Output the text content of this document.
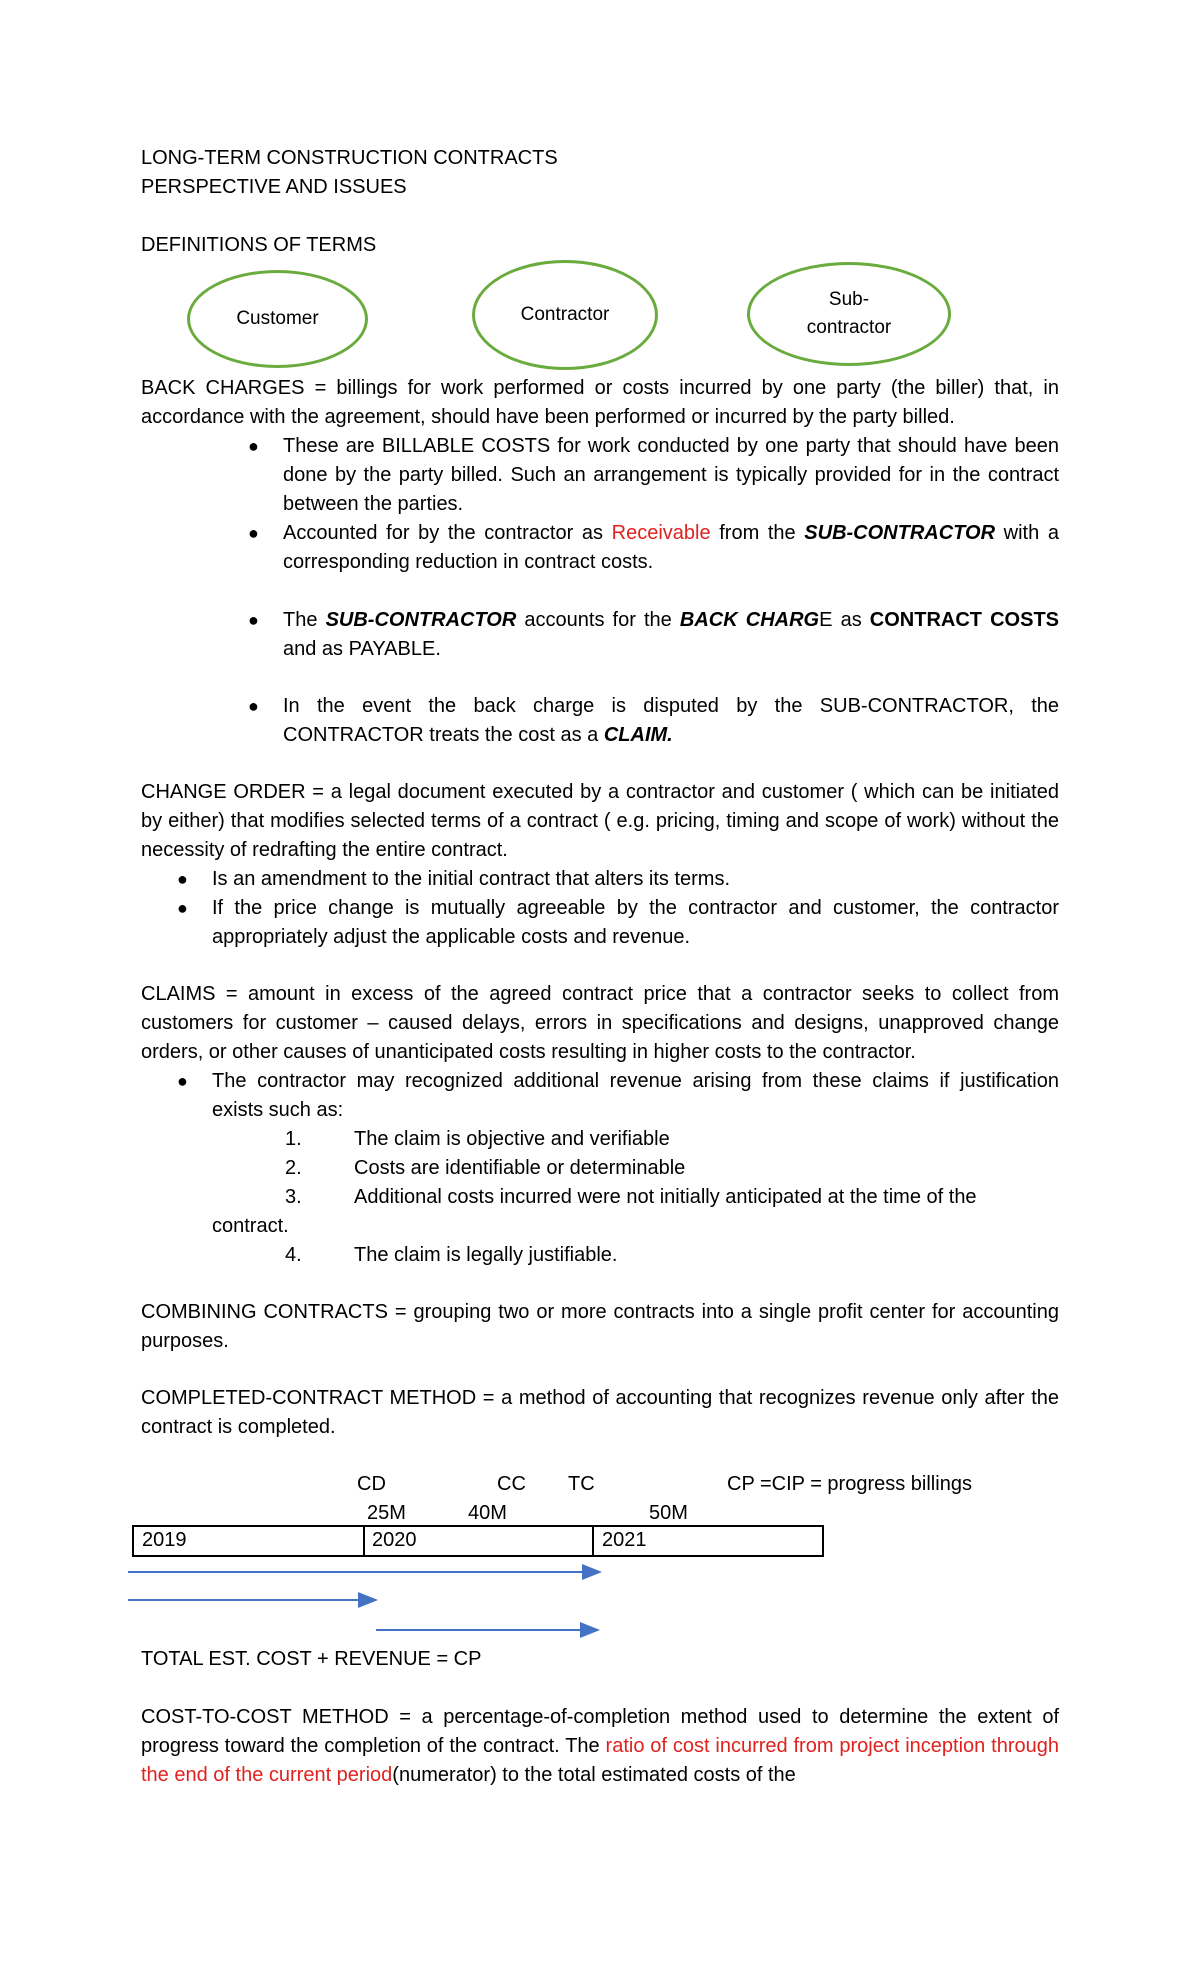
LONG-TERM CONSTRUCTION CONTRACTS
PERSPECTIVE AND ISSUES
DEFINITIONS OF TERMS
Customer	Contractor
Sub-
contractor
BACK CHARGES = billings for work performed or costs incurred by one party (the biller) that, in accordance with the agreement, should have been performed or incurred by the party billed.
● These are BILLABLE COSTS for work conducted by one party that should have been done by the party billed. Such an arrangement is typically provided for in the contract between the parties.
● Accounted for by the contractor as Receivable from the SUB-CONTRACTOR with a corresponding reduction in contract costs.
● The SUB-CONTRACTOR accounts for the BACK CHARGE as CONTRACT COSTS and as PAYABLE.
● In the event the back charge is disputed by the SUB-CONTRACTOR, the CONTRACTOR treats the cost as a CLAIM.
CHANGE ORDER = a legal document executed by a contractor and customer ( which can be initiated by either) that modifies selected terms of a contract ( e.g. pricing, timing and scope of work) without the necessity of redrafting the entire contract.
● Is an amendment to the initial contract that alters its terms.
● If the price change is mutually agreeable by the contractor and customer, the contractor appropriately adjust the applicable costs and revenue.
CLAIMS = amount in excess of the agreed contract price that a contractor seeks to collect from customers for customer – caused delays, errors in specifications and designs, unapproved change orders, or other causes of unanticipated costs resulting in higher costs to the contractor.
● The contractor may recognized additional revenue arising from these claims if justification exists such as:
1.	The claim is objective and verifiable
2.	Costs are identifiable or determinable
3.	Additional costs incurred were not initially anticipated at the time of the
contract.
4.	The claim is legally justifiable.
COMBINING CONTRACTS = grouping two or more contracts into a single profit center for accounting purposes.
COMPLETED-CONTRACT METHOD = a method of accounting that recognizes revenue only after the contract is completed.
CD	CC TC	CP =CIP = progress billings
25M	40M	50M
2019	2020	2021
TOTAL EST. COST + REVENUE = CP
COST-TO-COST METHOD = a percentage-of-completion method used to determine the extent of progress toward the completion of the contract. The ratio of cost incurred from project inception through the end of the current period(numerator) to the total estimated costs of the
